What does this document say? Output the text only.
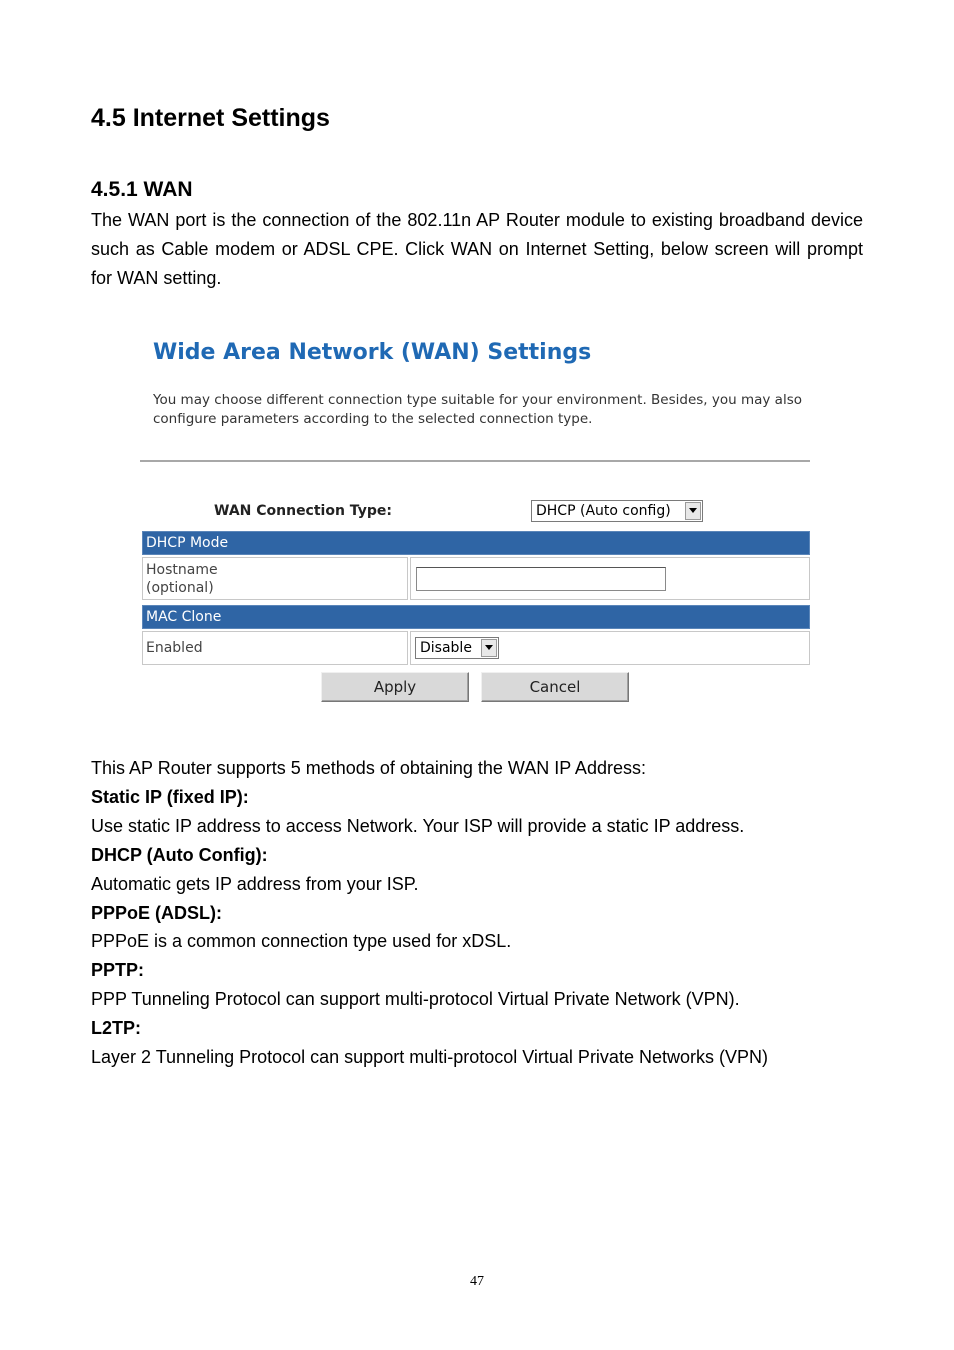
4.5 Internet Settings
4.5.1 WAN

The WAN port is the connection of the 802.11n AP Router module to existing broadband device such as Cable modem or ADSL CPE. Click WAN on Internet Setting, below screen will prompt for WAN setting.

Wide Area Network (WAN) Settings

You may choose different connection type suitable for your environment. Besides, you may also configure parameters according to the selected connection type.

WAN Connection Type:	DHCP (Auto config)
DHCP Mode
Hostname
(optional)
MAC Clone
Enabled	Disable
Apply	Cancel

This AP Router supports 5 methods of obtaining the WAN IP Address:

Static IP (fixed IP):

Use static IP address to access Network. Your ISP will provide a static IP address.

DHCP (Auto Config):

Automatic gets IP address from your ISP.

PPPoE (ADSL):

PPPoE is a common connection type used for xDSL.

PPTP:

PPP Tunneling Protocol can support multi-protocol Virtual Private Network (VPN).

L2TP:

Layer 2 Tunneling Protocol can support multi-protocol Virtual Private Networks (VPN)

47
